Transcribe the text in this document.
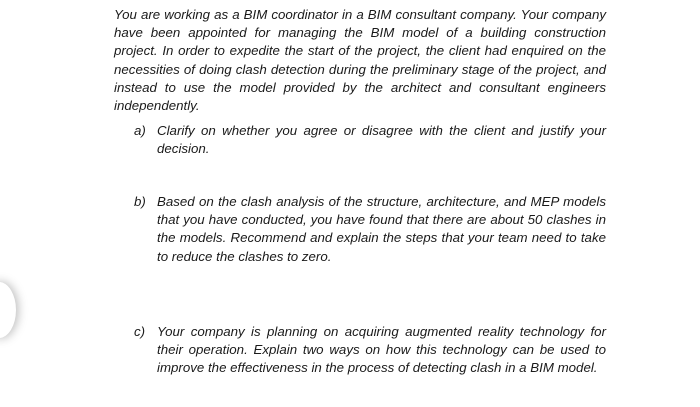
You are working as a BIM coordinator in a BIM consultant company. Your company have been appointed for managing the BIM model of a building construction project. In order to expedite the start of the project, the client had enquired on the necessities of doing clash detection during the preliminary stage of the project, and instead to use the model provided by the architect and consultant engineers independently.

a) Clarify on whether you agree or disagree with the client and justify your decision.
b) Based on the clash analysis of the structure, architecture, and MEP models that you have conducted, you have found that there are about 50 clashes in the models. Recommend and explain the steps that your team need to take to reduce the clashes to zero.
c) Your company is planning on acquiring augmented reality technology for their operation. Explain two ways on how this technology can be used to improve the effectiveness in the process of detecting clash in a BIM model.
